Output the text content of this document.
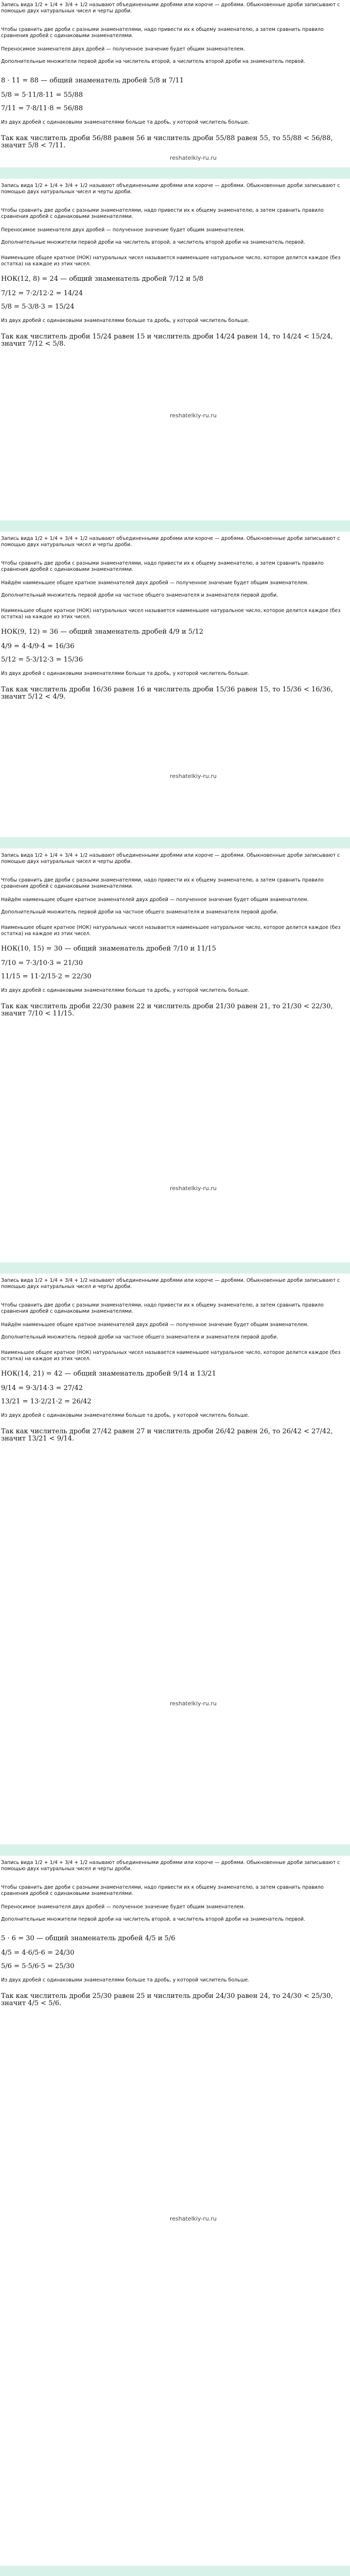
Запись вида 1/2 + 1/4 + 3/4 + 1/2 называют объединенными дробями или короче — дробями. Обыкновенные дроби записывают с помощью двух натуральных чисел и черты дроби.

Чтобы сравнить две дроби с разными знаменателями, надо привести их к общему знаменателю, а затем сравнить правило сравнения дробей с одинаковыми знаменателями.

Переносимое знаменателя двух дробей — полученное значение будет общим знаменателем.

Дополнительные множители первой дроби на числитель второй, а числитель второй дроби на знаменатель первой.

8 · 11 = 88 — общий знаменатель дробей 5/8 и 7/11

5/8 = 5·11/8·11 = 55/88

7/11 = 7·8/11·8 = 56/88

Из двух дробей с одинаковыми знаменателями больше та дробь, у которой числитель больше.

Так как числитель дроби 56/88 равен 56 и числитель дроби 55/88 равен 55, то 55/88 < 56/88, значит 5/8 < 7/11.

Запись вида 1/2 + 1/4 + 3/4 + 1/2 называют объединенными дробями или короче — дробями. Обыкновенные дроби записывают с помощью двух натуральных чисел и черты дроби.

Чтобы сравнить две дроби с разными знаменателями, надо привести их к общему знаменателю, а затем сравнить правило сравнения дробей с одинаковыми знаменателями.

Переносимое знаменателя двух дробей — полученное значение будет общим знаменателем.

Дополнительные множители первой дроби на числитель второй, а числитель второй дроби на знаменатель первой.

Наименьшее общее кратное (НОК) натуральных чисел называется наименьшее натуральное число, которое делится каждое (без остатка) на каждое из этих чисел.

НОК(12, 8) = 24 — общий знаменатель дробей 7/12 и 5/8

7/12 = 7·2/12·2 = 14/24

5/8 = 5·3/8·3 = 15/24

Из двух дробей с одинаковыми знаменателями больше та дробь, у которой числитель больше.

Так как числитель дроби 15/24 равен 15 и числитель дроби 14/24 равен 14, то 14/24 < 15/24, значит 7/12 < 5/8.

Запись вида 1/2 + 1/4 + 3/4 + 1/2 называют объединенными дробями или короче — дробями. Обыкновенные дроби записывают с помощью двух натуральных чисел и черты дроби.

Чтобы сравнить две дроби с разными знаменателями, надо привести их к общему знаменателю, а затем сравнить правило сравнения дробей с одинаковыми знаменателями.

Найдём наименьшее общее кратное знаменателей двух дробей — полученное значение будет общим знаменателем.

Дополнительный множитель первой дроби на частное общего знаменателя и знаменателя первой дроби.

Наименьшее общее кратное (НОК) натуральных чисел называется наименьшее натуральное число, которое делится каждое (без остатка) на каждое из этих чисел.

НОК(9, 12) = 36 — общий знаменатель дробей 4/9 и 5/12

4/9 = 4·4/9·4 = 16/36

5/12 = 5·3/12·3 = 15/36

Из двух дробей с одинаковыми знаменателями больше та дробь, у которой числитель больше.

Так как числитель дроби 16/36 равен 16 и числитель дроби 15/36 равен 15, то 15/36 < 16/36, значит 5/12 < 4/9.

Запись вида 1/2 + 1/4 + 3/4 + 1/2 называют объединенными дробями или короче — дробями. Обыкновенные дроби записывают с помощью двух натуральных чисел и черты дроби.

Чтобы сравнить две дроби с разными знаменателями, надо привести их к общему знаменателю, а затем сравнить правило сравнения дробей с одинаковыми знаменателями.

Найдём наименьшее общее кратное знаменателей двух дробей — полученное значение будет общим знаменателем.

Дополнительный множитель первой дроби на частное общего знаменателя и знаменателя первой дроби.

Наименьшее общее кратное (НОК) натуральных чисел называется наименьшее натуральное число, которое делится каждое (без остатка) на каждое из этих чисел.

НОК(10, 15) = 30 — общий знаменатель дробей 7/10 и 11/15

7/10 = 7·3/10·3 = 21/30

11/15 = 11·2/15·2 = 22/30

Из двух дробей с одинаковыми знаменателями больше та дробь, у которой числитель больше.

Так как числитель дроби 22/30 равен 22 и числитель дроби 21/30 равен 21, то 21/30 < 22/30, значит 7/10 < 11/15.

Запись вида 1/2 + 1/4 + 3/4 + 1/2 называют объединенными дробями или короче — дробями. Обыкновенные дроби записывают с помощью двух натуральных чисел и черты дроби.

Чтобы сравнить две дроби с разными знаменателями, надо привести их к общему знаменателю, а затем сравнить правило сравнения дробей с одинаковыми знаменателями.

Найдём наименьшее общее кратное знаменателей двух дробей — полученное значение будет общим знаменателем.

Дополнительный множитель первой дроби на частное общего знаменателя и знаменателя первой дроби.

Наименьшее общее кратное (НОК) натуральных чисел называется наименьшее натуральное число, которое делится каждое (без остатка) на каждое из этих чисел.

НОК(14, 21) = 42 — общий знаменатель дробей 9/14 и 13/21

9/14 = 9·3/14·3 = 27/42

13/21 = 13·2/21·2 = 26/42

Из двух дробей с одинаковыми знаменателями больше та дробь, у которой числитель больше.

Так как числитель дроби 27/42 равен 27 и числитель дроби 26/42 равен 26, то 26/42 < 27/42, значит 13/21 < 9/14.

Запись вида 1/2 + 1/4 + 3/4 + 1/2 называют объединенными дробями или короче — дробями. Обыкновенные дроби записывают с помощью двух натуральных чисел и черты дроби.

Чтобы сравнить две дроби с разными знаменателями, надо привести их к общему знаменателю, а затем сравнить правило сравнения дробей с одинаковыми знаменателями.

Переносимое знаменателя двух дробей — полученное значение будет общим знаменателем.

Дополнительные множители первой дроби на числитель второй, а числитель второй дроби на знаменатель первой.

5 · 6 = 30 — общий знаменатель дробей 4/5 и 5/6

4/5 = 4·6/5·6 = 24/30

5/6 = 5·5/6·5 = 25/30

Из двух дробей с одинаковыми знаменателями больше та дробь, у которой числитель больше.

Так как числитель дроби 25/30 равен 25 и числитель дроби 24/30 равен 24, то 24/30 < 25/30, значит 4/5 < 5/6.

reshatelkiy-ru.ru
reshatelkiy-ru.ru
reshatelkiy-ru.ru
reshatelkiy-ru.ru
reshatelkiy-ru.ru
reshatelkiy-ru.ru
